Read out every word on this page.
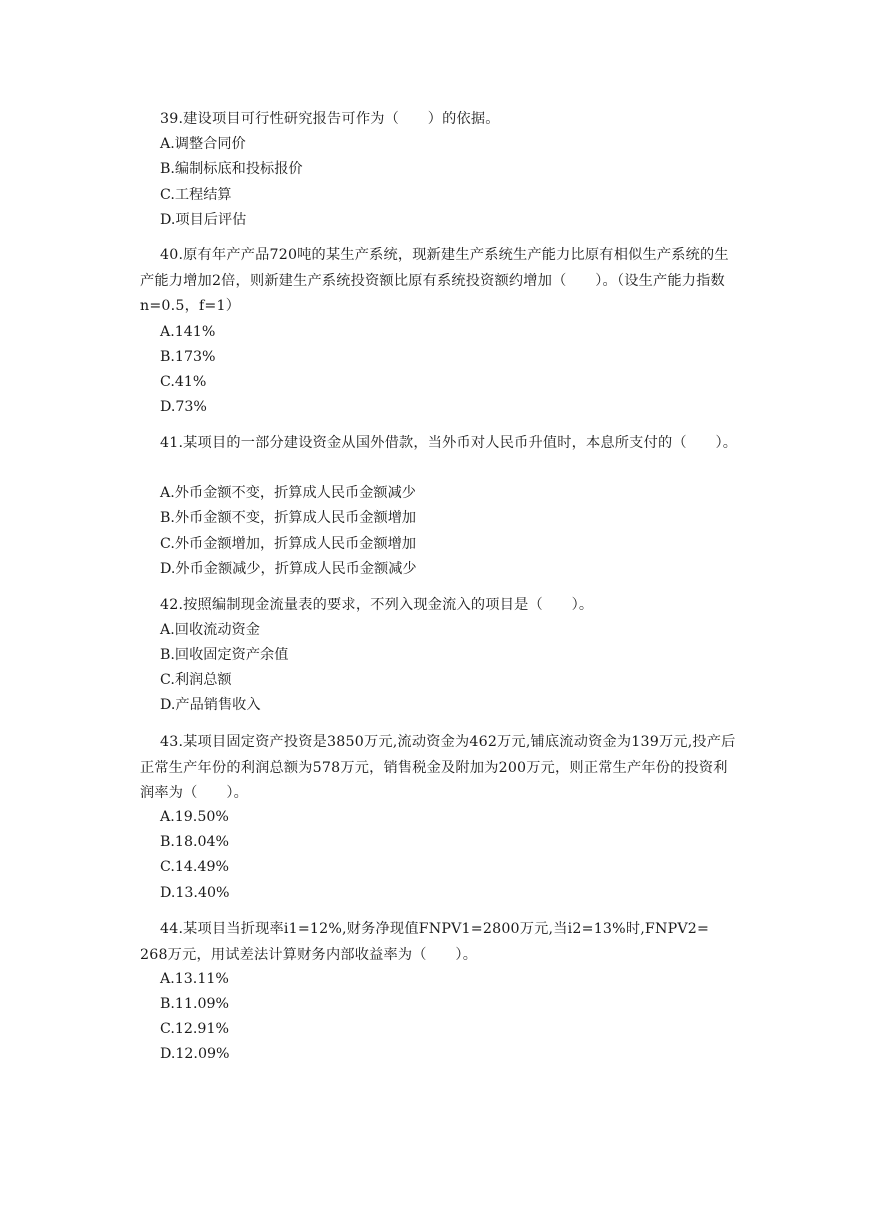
39.建设项目可行性研究报告可作为（　　）的依据。

A.调整合同价

B.编制标底和投标报价

C.工程结算

D.项目后评估

40.原有年产产品720吨的某生产系统，现新建生产系统生产能力比原有相似生产系统的生产能力增加2倍，则新建生产系统投资额比原有系统投资额约增加（　　）。（设生产能力指数n=0.5，f=1）

A.141%

B.173%

C.41%

D.73%

41.某项目的一部分建设资金从国外借款，当外币对人民币升值时，本息所支付的（　　）。

A.外币金额不变，折算成人民币金额减少

B.外币金额不变，折算成人民币金额增加

C.外币金额增加，折算成人民币金额增加

D.外币金额减少，折算成人民币金额减少

42.按照编制现金流量表的要求，不列入现金流入的项目是（　　）。

A.回收流动资金

B.回收固定资产余值

C.利润总额

D.产品销售收入

43.某项目固定资产投资是3850万元,流动资金为462万元,铺底流动资金为139万元,投产后正常生产年份的利润总额为578万元，销售税金及附加为200万元，则正常生产年份的投资利润率为（　　）。

A.19.50%

B.18.04%

C.14.49%

D.13.40%

44.某项目当折现率i1=12%,财务净现值FNPV1=2800万元,当i2=13%时,FNPV2=　268万元，用试差法计算财务内部收益率为（　　）。

A.13.11%

B.11.09%

C.12.91%

D.12.09%
